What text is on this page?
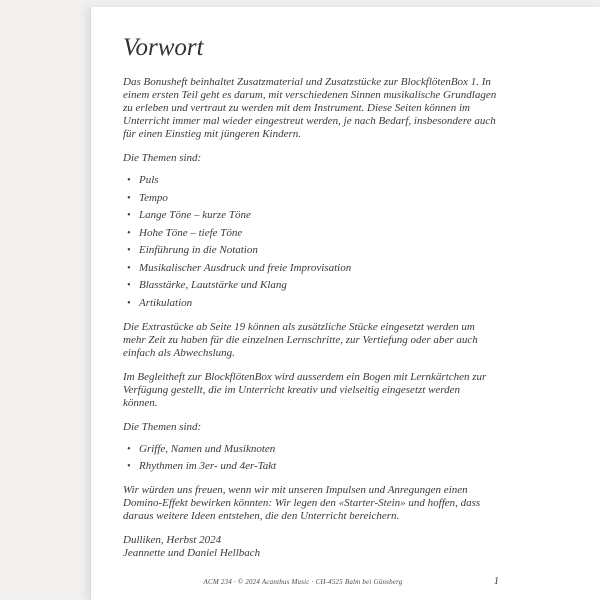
Vorwort

Das Bonusheft beinhaltet Zusatzmaterial und Zusatzstücke zur BlockflötenBox 1. In einem ersten Teil geht es darum, mit verschiedenen Sinnen musikalische Grundlagen zu erleben und vertraut zu werden mit dem Instrument. Diese Seiten können im Unterricht immer mal wieder eingestreut werden, je nach Bedarf, insbesondere auch für einen Einstieg mit jüngeren Kindern.

Die Themen sind:

• Puls
• Tempo
• Lange Töne – kurze Töne
• Hohe Töne – tiefe Töne
• Einführung in die Notation
• Musikalischer Ausdruck und freie Improvisation
• Blasstärke, Lautstärke und Klang
• Artikulation

Die Extrastücke ab Seite 19 können als zusätzliche Stücke eingesetzt werden um mehr Zeit zu haben für die einzelnen Lernschritte, zur Vertiefung oder aber auch einfach als Abwechslung.

Im Begleitheft zur BlockflötenBox wird ausserdem ein Bogen mit Lernkärtchen zur Verfügung gestellt, die im Unterricht kreativ und vielseitig eingesetzt werden können.

Die Themen sind:

• Griffe, Namen und Musiknoten
• Rhythmen im 3er- und 4er-Takt

Wir würden uns freuen, wenn wir mit unseren Impulsen und Anregungen einen Domino-Effekt bewirken könnten: Wir legen den «Starter-Stein» und hoffen, dass daraus weitere Ideen entstehen, die den Unterricht bereichern.

Dulliken, Herbst 2024
Jeannette und Daniel Hellbach
ACM 234 · © 2024 Acanthus Music · CH-4525 Balm bei Günsberg	1
